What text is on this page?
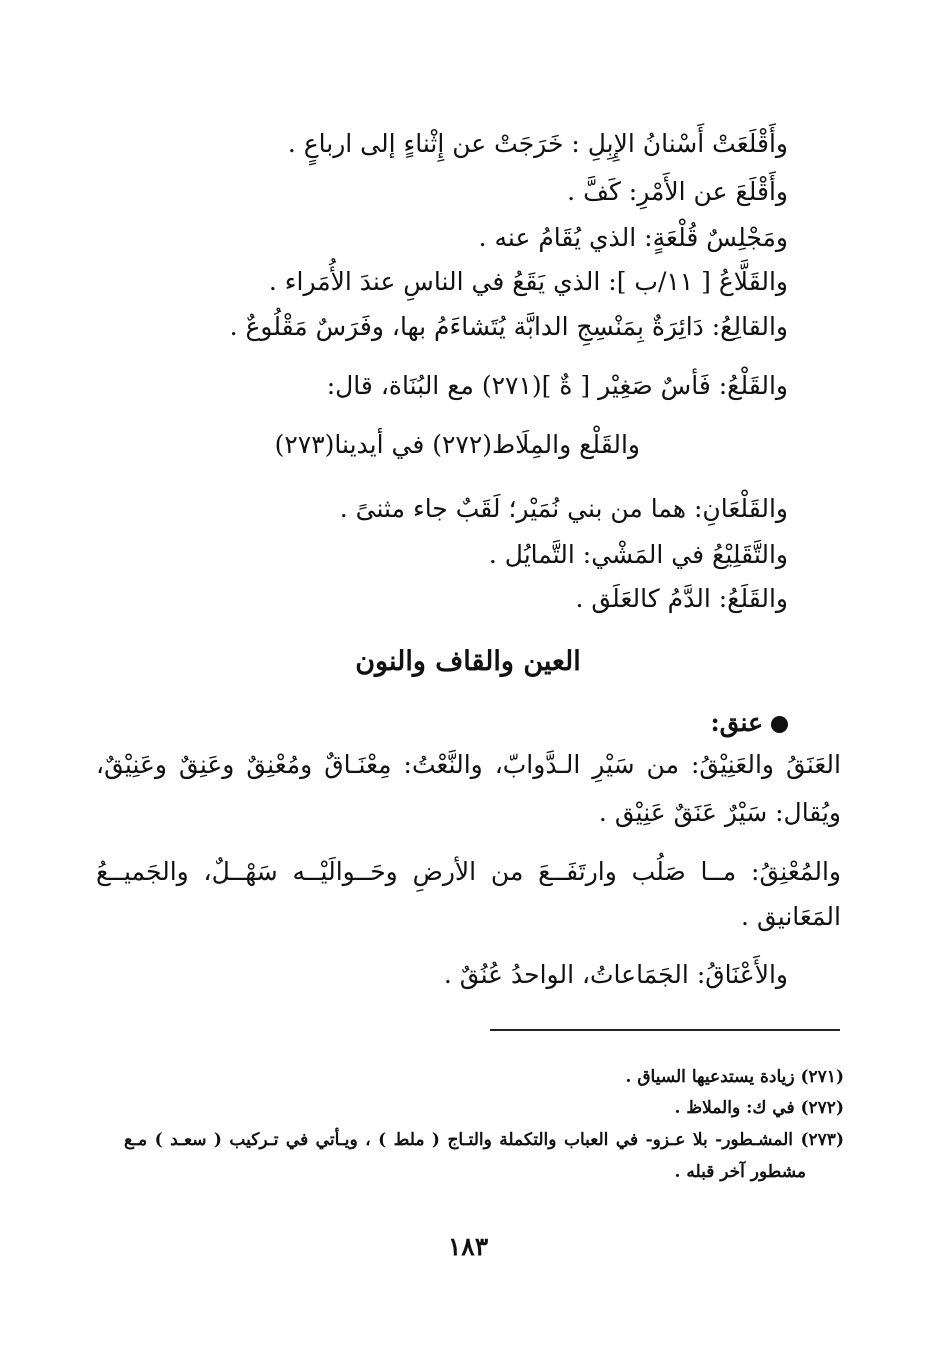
وأَقْلَعَتْ أَسْنانُ الإِبِلِ : خَرَجَتْ عن إِثْناءٍ إلى ارباعٍ .
وأَقْلَعَ عن الأَمْرِ: كَفَّ .
ومَجْلِسٌ قُلْعَةٍ: الذي يُقَامُ عنه .
والقَلَّاعُ [ ١١/ب ]: الذي يَقَعُ في الناسِ عندَ الأُمَراء .
والقالِعُ: دَائِرَةٌ بِمَنْسِجِ الدابَّة يُتَشاءَمُ بها، وفَرَسٌ مَقْلُوعٌ .
والقَلْعُ: فَأسٌ صَغِيْر [ ةٌ ](٢٧١) مع البُنَاة، قال:
والقَلْع والمِلَاط(٢٧٢) في أيدينا(٢٧٣)
والقَلْعَانِ: هما من بني نُمَيْر؛ لَقَبٌ جاء مثنىً .
والتَّقَلِيْعُ في المَشْي: التَّمايُل .
والقَلَعُ: الدَّمُ كالعَلَق .
العين والقاف والنون
عنق:
العَنَقُ والعَنِيْقُ: من سَيْرِ الـدَّوابّ، والنَّعْتُ: مِعْنَـاقٌ ومُعْنِقٌ وعَنِقٌ وعَنِيْقٌ،
ويُقال: سَيْرٌ عَنَقٌ عَنِيْق .
والمُعْنِقُ: مــا صَلُب وارتَفَــعَ من الأرضِ وحَــوالَيْــه سَهْــلٌ، والجَميــعُ
المَعَانيق .
والأَعْنَاقُ: الجَمَاعاتُ، الواحدُ عُنُقٌ .
(٢٧١) زيادة يستدعيها السياق .
(٢٧٢) في ك: والملاظ .
(٢٧٣) المشـطور- بلا عـزو- في العباب والتكملة والتـاج ( ملط ) ، ويـأتي في تـركيب ( سعـد ) مـع
مشطور آخر قبله .
١٨٣
